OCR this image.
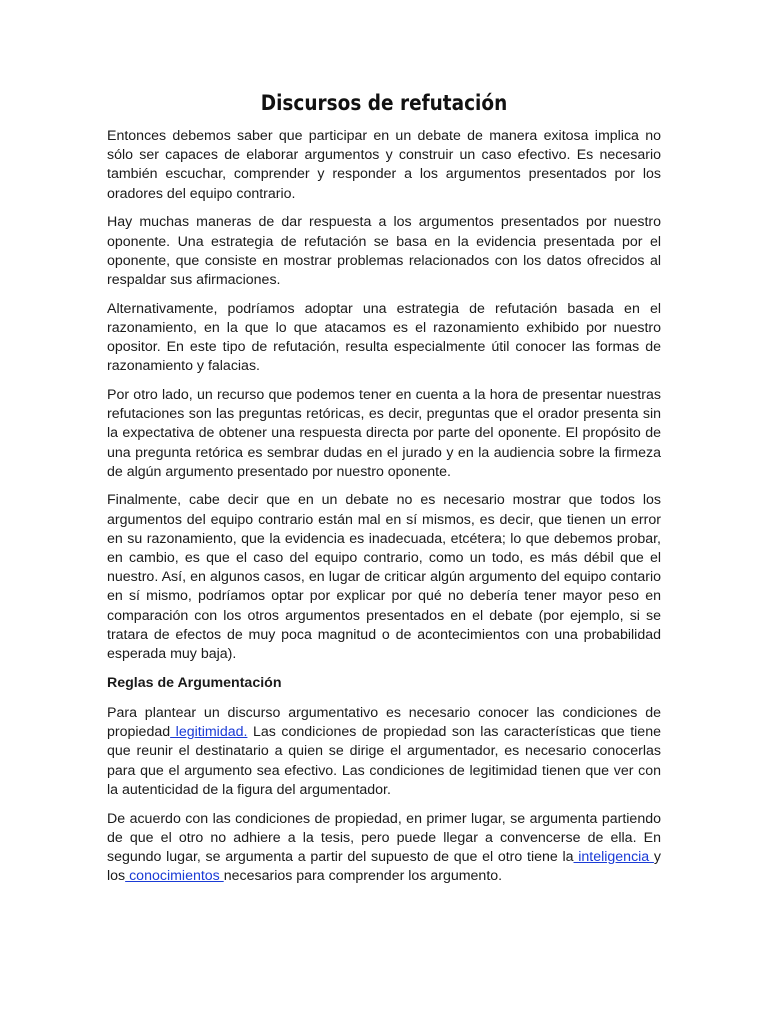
Discursos de refutación

Entonces debemos saber que participar en un debate de manera exitosa implica no sólo ser capaces de elaborar argumentos y construir un caso efectivo. Es necesario también escuchar, comprender y responder a los argumentos presentados por los oradores del equipo contrario.

Hay muchas maneras de dar respuesta a los argumentos presentados por nuestro oponente. Una estrategia de refutación se basa en la evidencia presentada por el oponente, que consiste en mostrar problemas relacionados con los datos ofrecidos al respaldar sus afirmaciones.

Alternativamente, podríamos adoptar una estrategia de refutación basada en el razonamiento, en la que lo que atacamos es el razonamiento exhibido por nuestro opositor. En este tipo de refutación, resulta especialmente útil conocer las formas de razonamiento y falacias.

Por otro lado, un recurso que podemos tener en cuenta a la hora de presentar nuestras refutaciones son las preguntas retóricas, es decir, preguntas que el orador presenta sin la expectativa de obtener una respuesta directa por parte del oponente. El propósito de una pregunta retórica es sembrar dudas en el jurado y en la audiencia sobre la firmeza de algún argumento presentado por nuestro oponente.

Finalmente, cabe decir que en un debate no es necesario mostrar que todos los argumentos del equipo contrario están mal en sí mismos, es decir, que tienen un error en su razonamiento, que la evidencia es inadecuada, etcétera; lo que debemos probar, en cambio, es que el caso del equipo contrario, como un todo, es más débil que el nuestro. Así, en algunos casos, en lugar de criticar algún argumento del equipo contario en sí mismo, podríamos optar por explicar por qué no debería tener mayor peso en comparación con los otros argumentos presentados en el debate (por ejemplo, si se tratara de efectos de muy poca magnitud o de acontecimientos con una probabilidad esperada muy baja).

Reglas de Argumentación

Para plantear un discurso argumentativo es necesario conocer las condiciones de propiedad legitimidad. Las condiciones de propiedad son las características que tiene que reunir el destinatario a quien se dirige el argumentador, es necesario conocerlas para que el argumento sea efectivo. Las condiciones de legitimidad tienen que ver con la autenticidad de la figura del argumentador.

De acuerdo con las condiciones de propiedad, en primer lugar, se argumenta partiendo de que el otro no adhiere a la tesis, pero puede llegar a convencerse de ella. En segundo lugar, se argumenta a partir del supuesto de que el otro tiene la inteligencia y los conocimientos necesarios para comprender los argumento.
